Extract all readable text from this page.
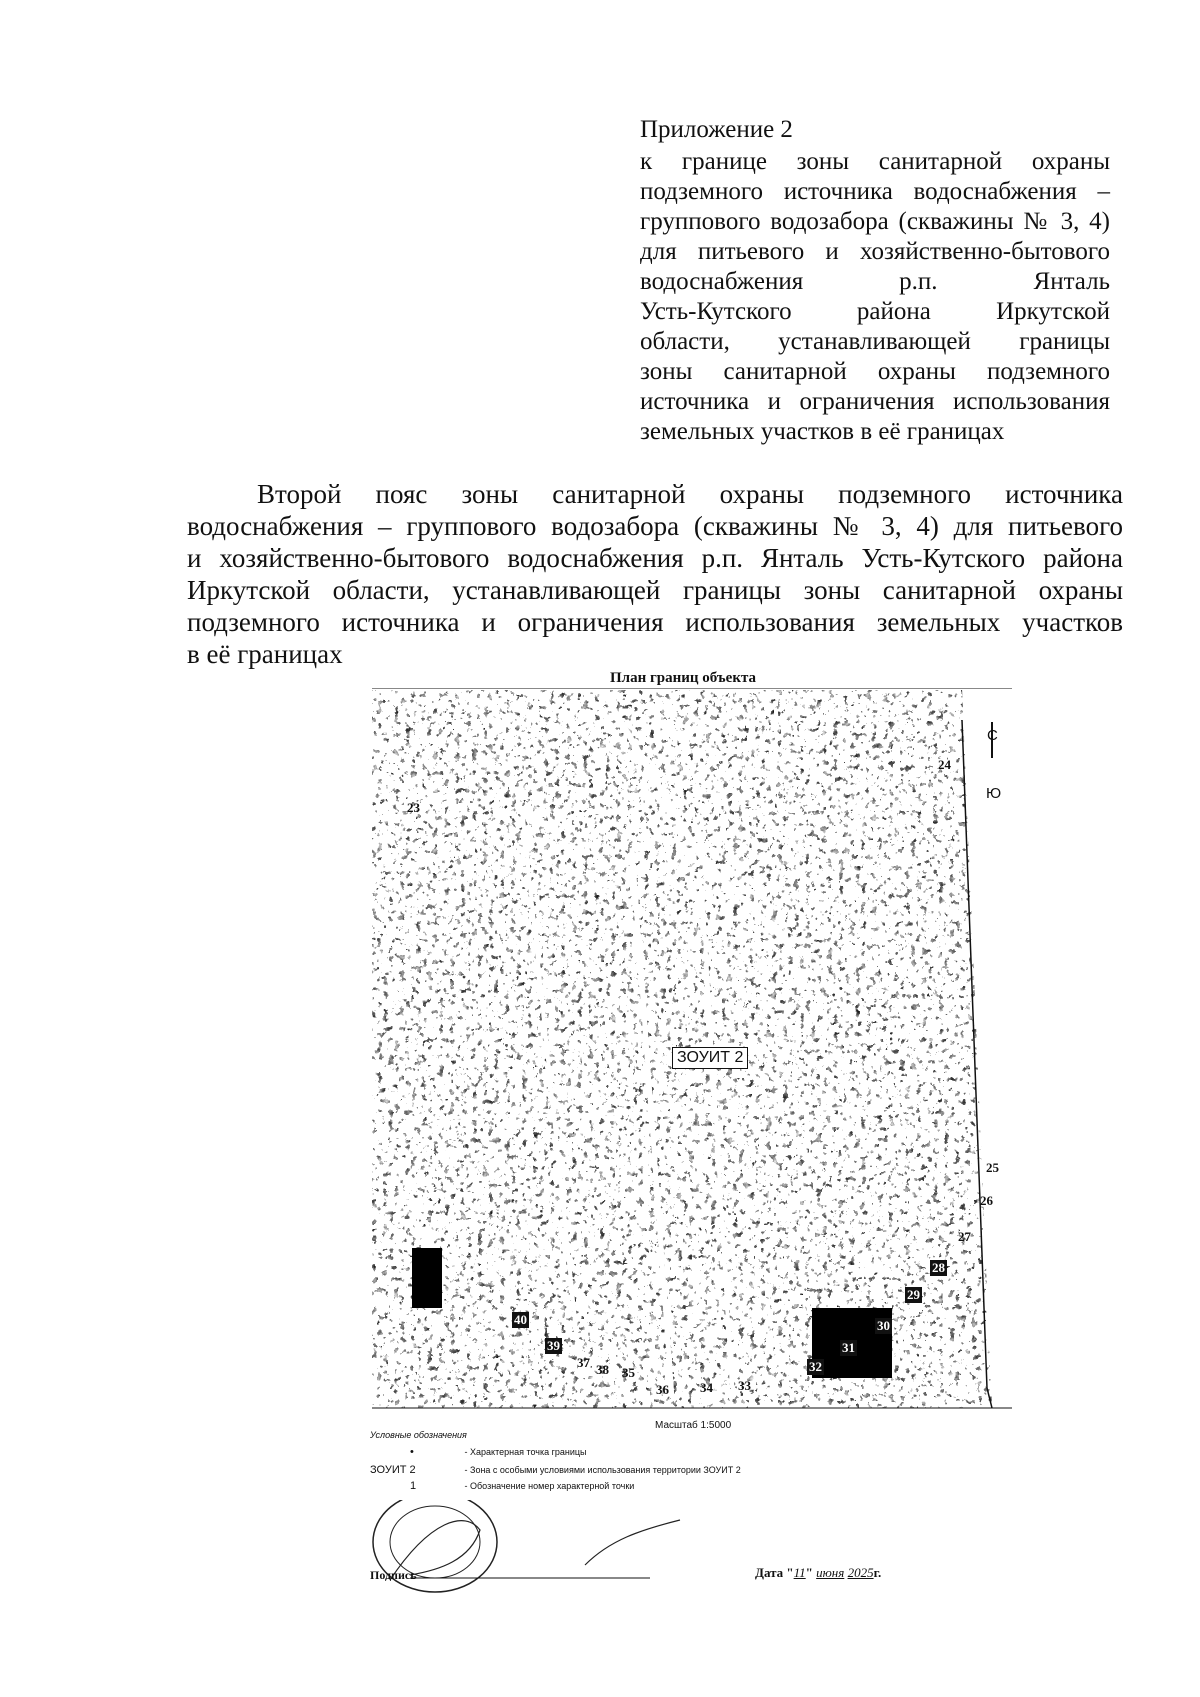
Приложение 2
к границе зоны санитарной охраны
подземного источника водоснабжения –
группового водозабора (скважины № 3, 4)
для питьевого и хозяйственно-бытового
водоснабжения р.п. Янталь
Усть-Кутского района Иркутской
области, устанавливающей границы
зоны санитарной охраны подземного
источника и ограничения использования
земельных участков в её границах
Второй пояс зоны санитарной охраны подземного источника
водоснабжения – группового водозабора (скважины № 3, 4) для питьевого
и хозяйственно-бытового водоснабжения р.п. Янталь Усть-Кутского района
Иркутской области, устанавливающей границы зоны санитарной охраны
подземного источника и ограничения использования земельных участков
в её границах
План границ объекта
С
Ю
ЗОУИТ 2
23
24
25
26
27
28
29
30
31
32
33
34
35
36
37 38
39
40
Масштаб 1:5000
Условные обозначения
•	- Характерная точка границы
ЗОУИТ 2	- Зона с особыми условиями использования территории ЗОУИТ 2
1	- Обозначение номер характерной точки
Подпись	Дата "11" июня 2025г.
